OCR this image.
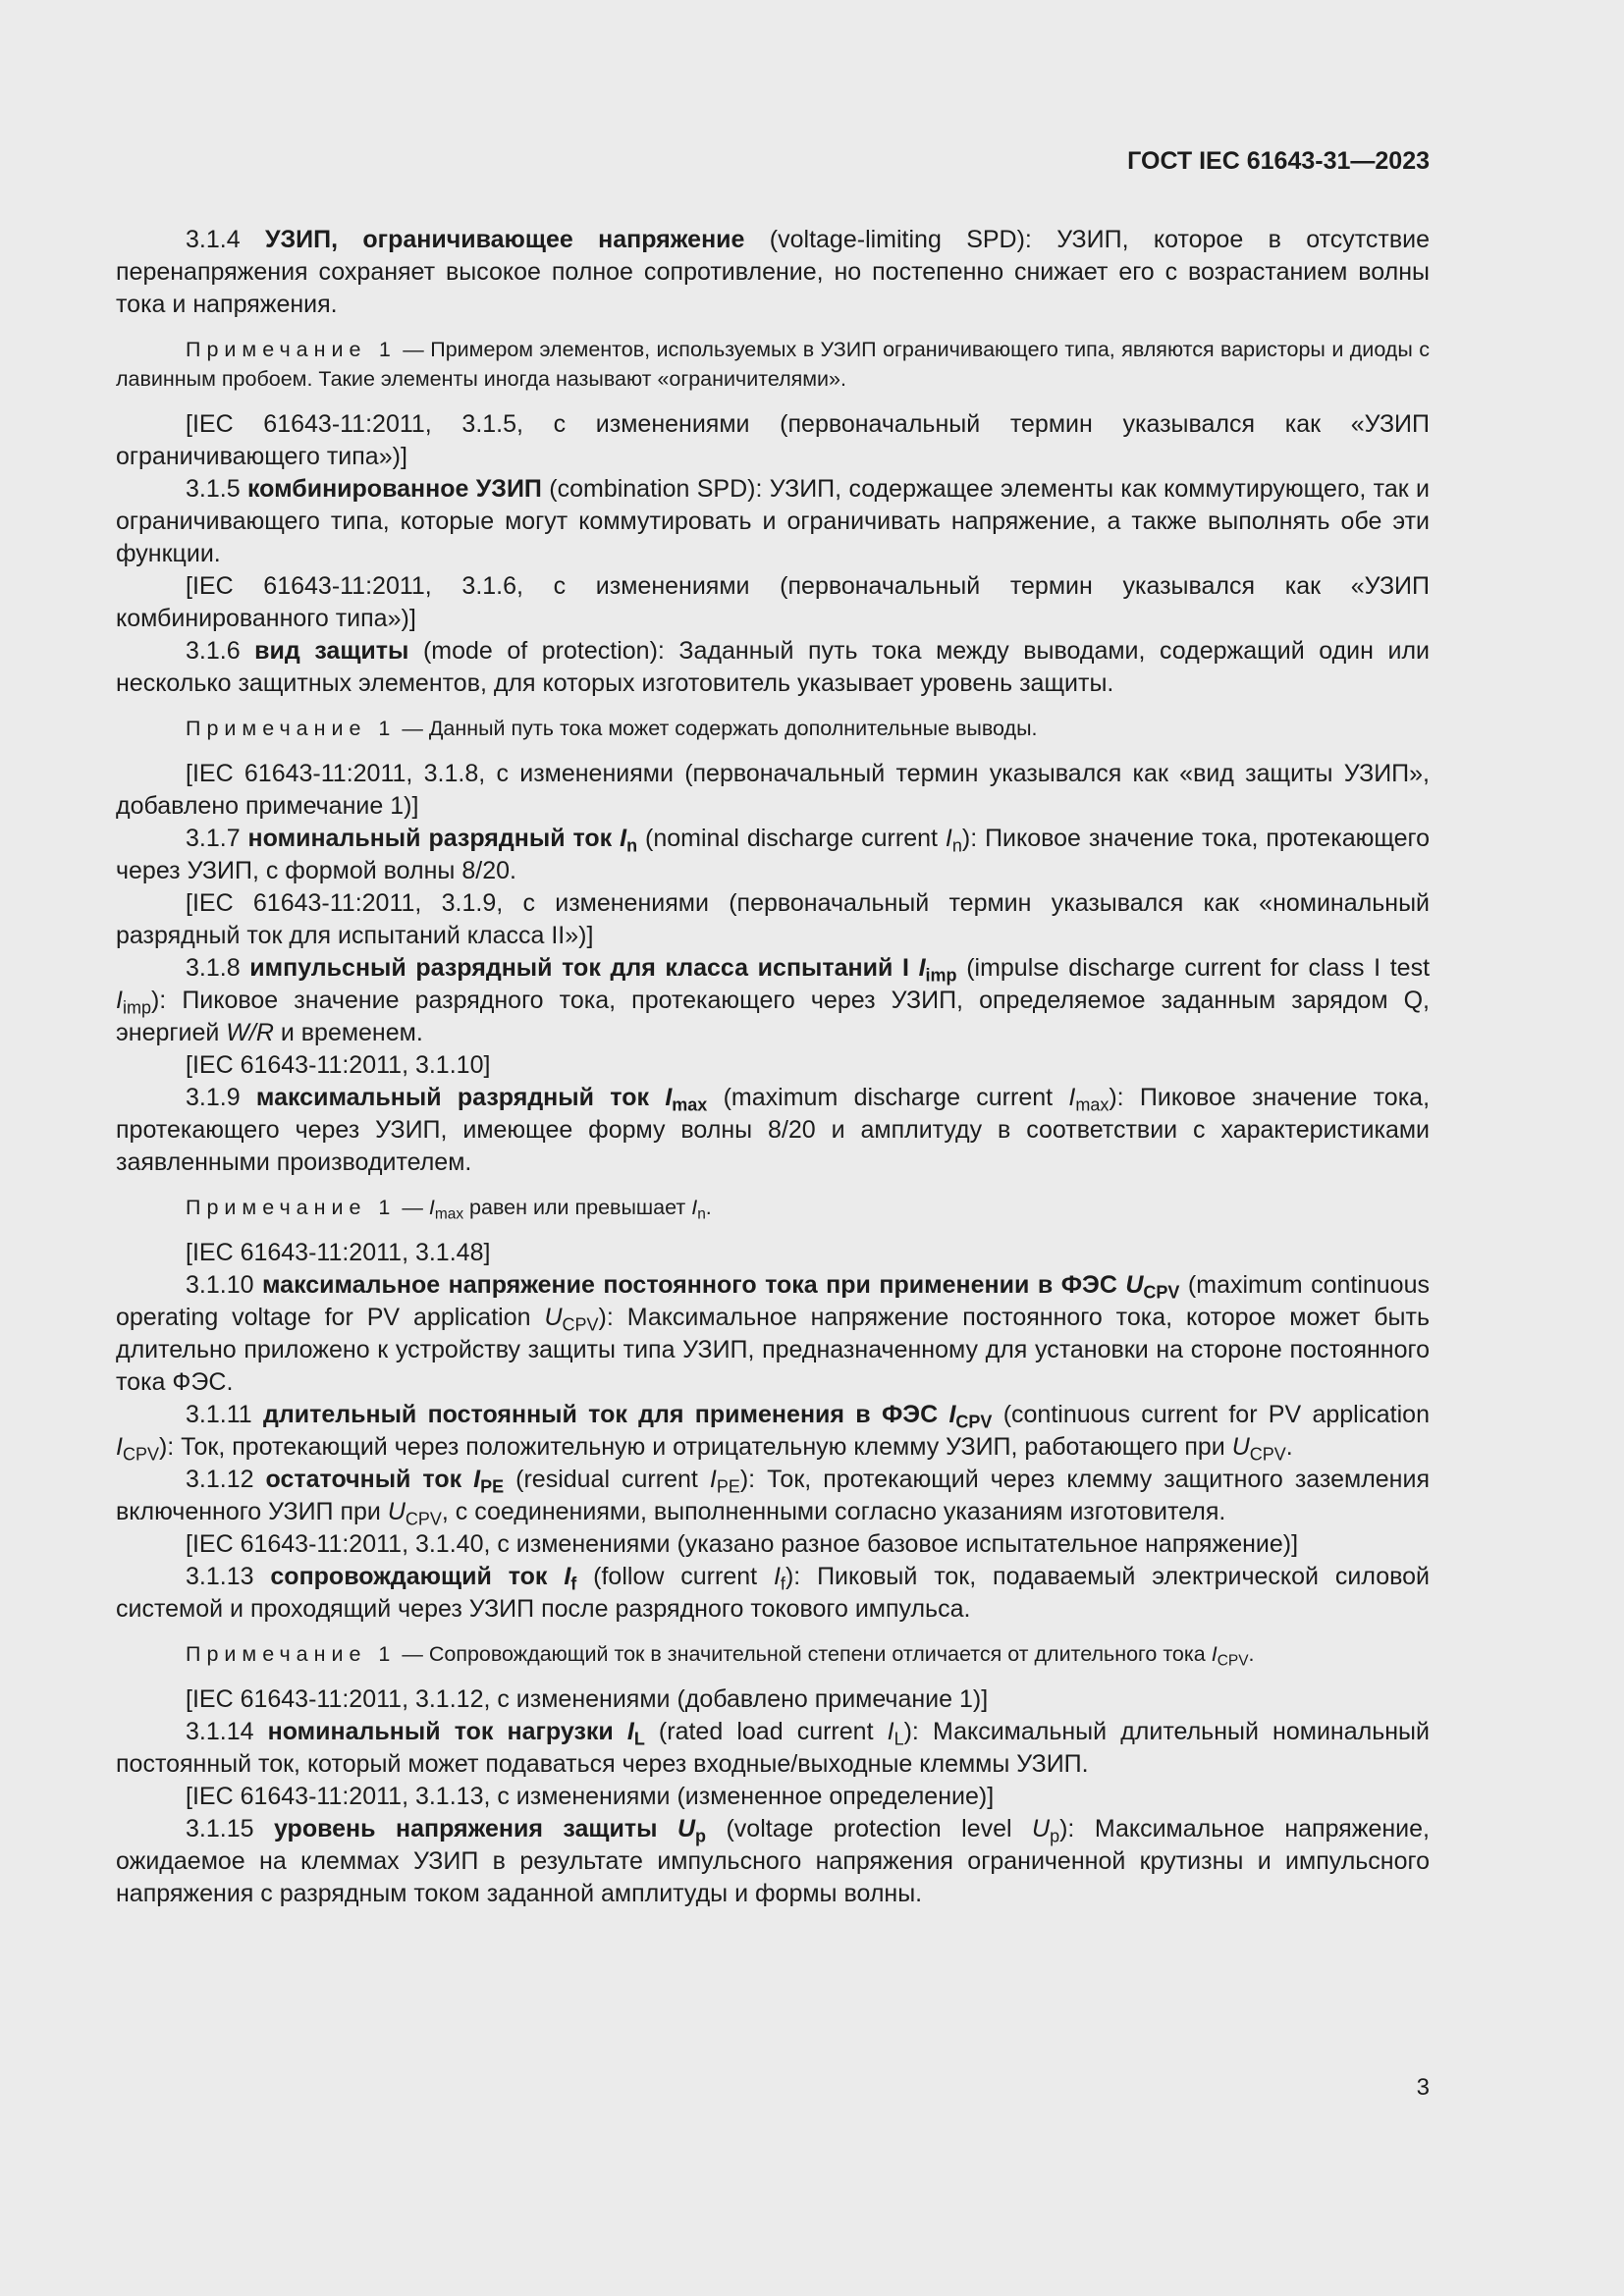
ГОСТ IEC 61643-31—2023

3.1.4 УЗИП, ограничивающее напряжение (voltage-limiting SPD): УЗИП, которое в отсутствие перенапряжения сохраняет высокое полное сопротивление, но постепенно снижает его с возрастанием волны тока и напряжения.

Примечание 1 — Примером элементов, используемых в УЗИП ограничивающего типа, являются варисторы и диоды с лавинным пробоем. Такие элементы иногда называют «ограничителями».

[IEC 61643-11:2011, 3.1.5, с изменениями (первоначальный термин указывался как «УЗИП ограничивающего типа»)]

3.1.5 комбинированное УЗИП (combination SPD): УЗИП, содержащее элементы как коммутирующего, так и ограничивающего типа, которые могут коммутировать и ограничивать напряжение, а также выполнять обе эти функции.

[IEC 61643-11:2011, 3.1.6, с изменениями (первоначальный термин указывался как «УЗИП комбинированного типа»)]

3.1.6 вид защиты (mode of protection): Заданный путь тока между выводами, содержащий один или несколько защитных элементов, для которых изготовитель указывает уровень защиты.

Примечание 1 — Данный путь тока может содержать дополнительные выводы.

[IEC 61643-11:2011, 3.1.8, с изменениями (первоначальный термин указывался как «вид защиты УЗИП», добавлено примечание 1)]

3.1.7 номинальный разрядный ток $I_n$ (nominal discharge current $I_n$): Пиковое значение тока, протекающего через УЗИП, с формой волны 8/20.

[IEC 61643-11:2011, 3.1.9, с изменениями (первоначальный термин указывался как «номинальный разрядный ток для испытаний класса II»)]

3.1.8 импульсный разрядный ток для класса испытаний I $I_{imp}$ (impulse discharge current for class I test $I_{imp}$): Пиковое значение разрядного тока, протекающего через УЗИП, определяемое заданным зарядом Q, энергией W/R и временем.

[IEC 61643-11:2011, 3.1.10]

3.1.9 максимальный разрядный ток $I_{max}$ (maximum discharge current $I_{max}$): Пиковое значение тока, протекающего через УЗИП, имеющее форму волны 8/20 и амплитуду в соответствии с характеристиками заявленными производителем.

Примечание 1 — $I_{max}$ равен или превышает $I_n$.

[IEC 61643-11:2011, 3.1.48]

3.1.10 максимальное напряжение постоянного тока при применении в ФЭС $U_{CPV}$ (maximum continuous operating voltage for PV application $U_{CPV}$): Максимальное напряжение постоянного тока, которое может быть длительно приложено к устройству защиты типа УЗИП, предназначенному для установки на стороне постоянного тока ФЭС.

3.1.11 длительный постоянный ток для применения в ФЭС $I_{CPV}$ (continuous current for PV application $I_{CPV}$): Ток, протекающий через положительную и отрицательную клемму УЗИП, работающего при $U_{CPV}$.

3.1.12 остаточный ток $I_{PE}$ (residual current $I_{PE}$): Ток, протекающий через клемму защитного заземления включенного УЗИП при $U_{CPV}$, с соединениями, выполненными согласно указаниям изготовителя.

[IEC 61643-11:2011, 3.1.40, с изменениями (указано разное базовое испытательное напряжение)]

3.1.13 сопровождающий ток $I_f$ (follow current $I_f$): Пиковый ток, подаваемый электрической силовой системой и проходящий через УЗИП после разрядного токового импульса.

Примечание 1 — Сопровождающий ток в значительной степени отличается от длительного тока $I_{CPV}$.

[IEC 61643-11:2011, 3.1.12, с изменениями (добавлено примечание 1)]

3.1.14 номинальный ток нагрузки $I_L$ (rated load current $I_L$): Максимальный длительный номинальный постоянный ток, который может подаваться через входные/выходные клеммы УЗИП.

[IEC 61643-11:2011, 3.1.13, с изменениями (измененное определение)]

3.1.15 уровень напряжения защиты $U_p$ (voltage protection level $U_p$): Максимальное напряжение, ожидаемое на клеммах УЗИП в результате импульсного напряжения ограниченной крутизны и импульсного напряжения с разрядным током заданной амплитуды и формы волны.

3
